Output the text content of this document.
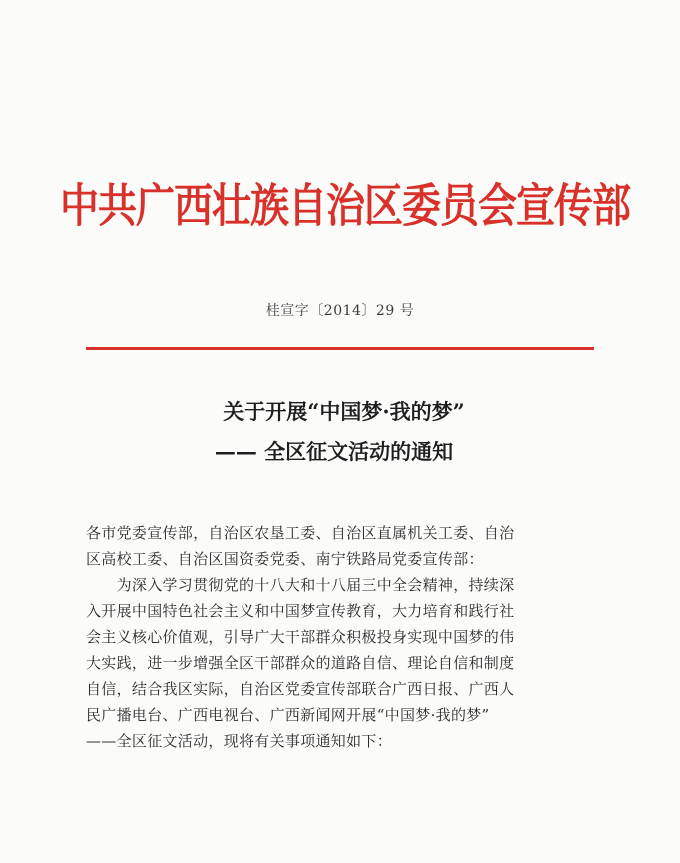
中共广西壮族自治区委员会宣传部
桂宣字〔2014〕29 号
关于开展“中国梦·我的梦”
—— 全区征文活动的通知
各市党委宣传部，自治区农垦工委、自治区直属机关工委、自治
区高校工委、自治区国资委党委、南宁铁路局党委宣传部：
　　为深入学习贯彻党的十八大和十八届三中全会精神，持续深
入开展中国特色社会主义和中国梦宣传教育，大力培育和践行社
会主义核心价值观，引导广大干部群众积极投身实现中国梦的伟
大实践，进一步增强全区干部群众的道路自信、理论自信和制度
自信，结合我区实际，自治区党委宣传部联合广西日报、广西人
民广播电台、广西电视台、广西新闻网开展“中国梦·我的梦”
——全区征文活动，现将有关事项通知如下：
